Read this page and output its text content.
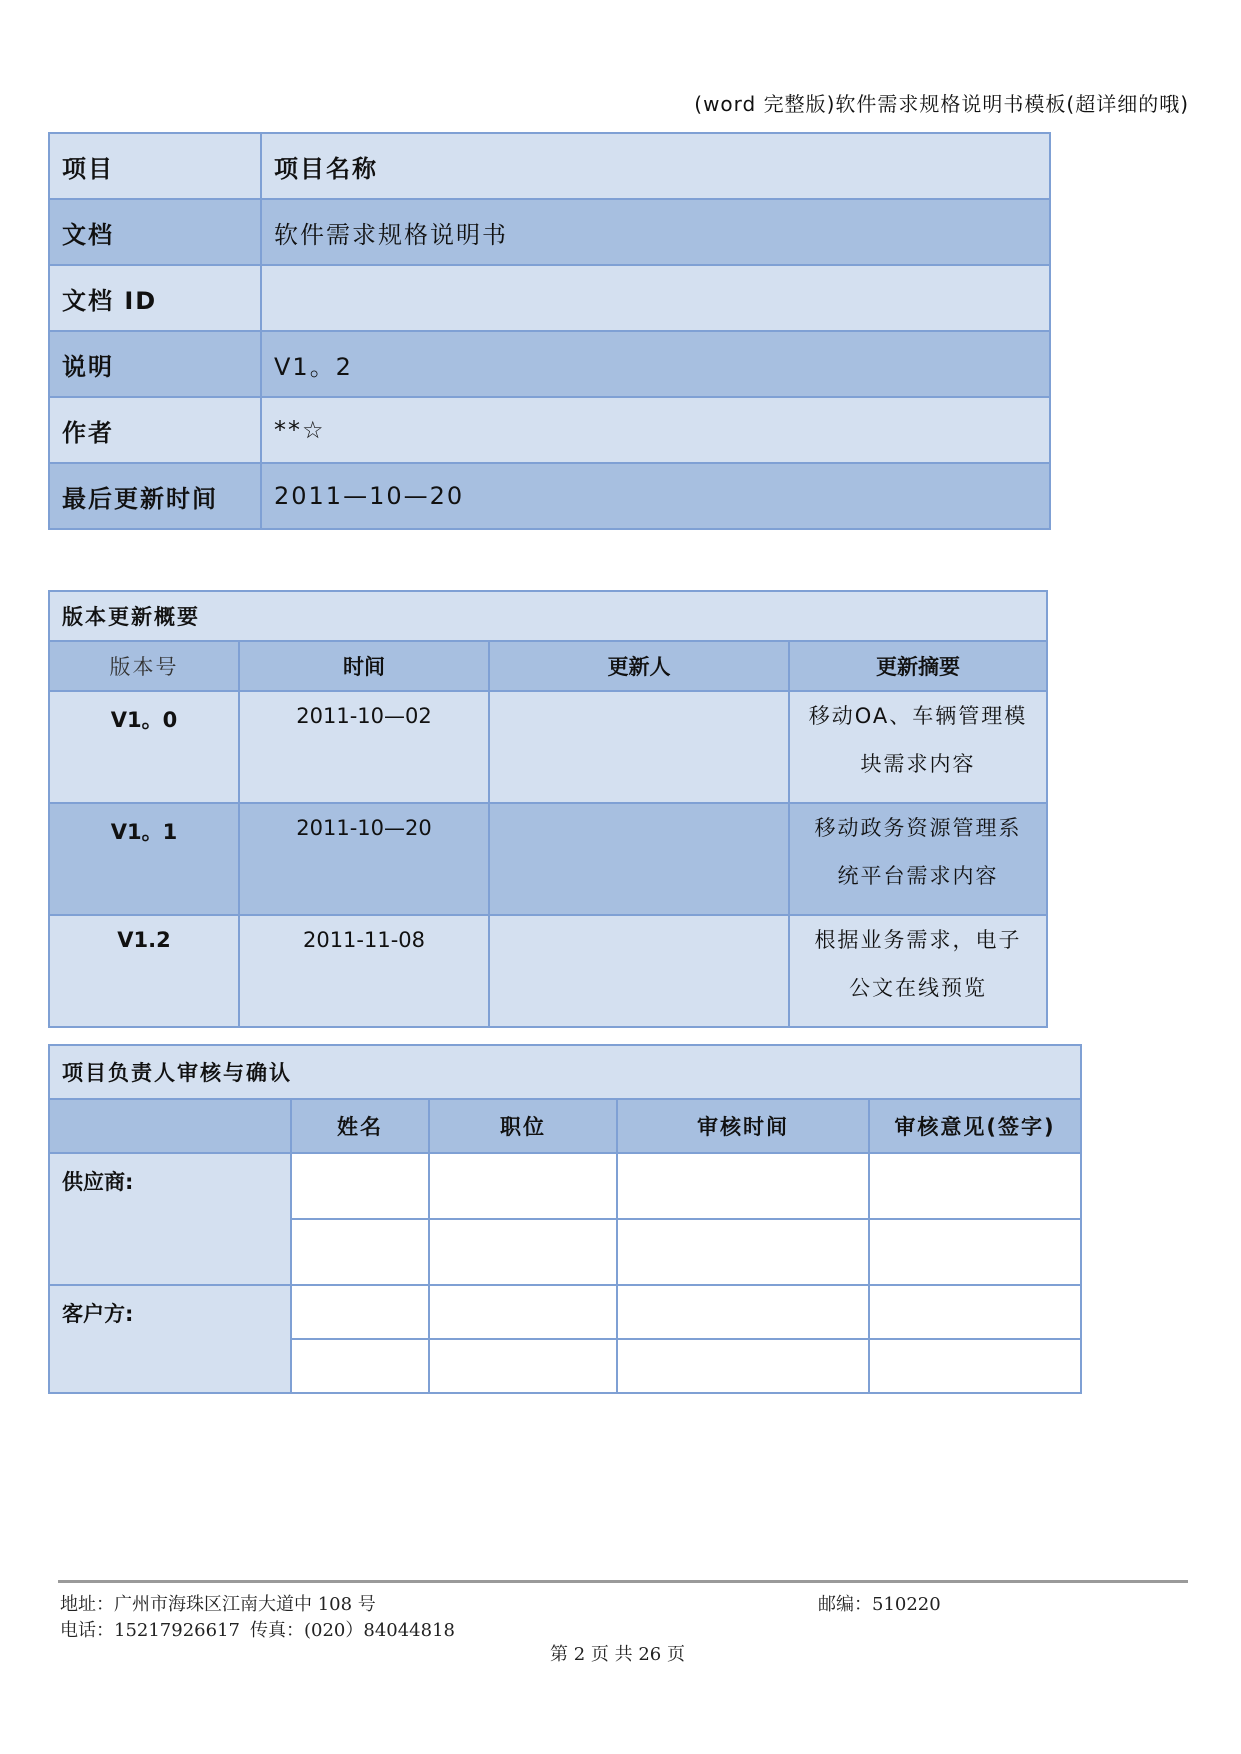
(word 完整版)软件需求规格说明书模板(超详细的哦)
项目	项目名称
文档	软件需求规格说明书
文档 ID	
说明	V1。2
作者	**☆
最后更新时间	2011—10—20
版本更新概要			
版本号	时间	更新人	更新摘要
V1。0	2011-10—02		移动OA、车辆管理模
块需求内容

V1。1	2011-10—20		移动政务资源管理系
统平台需求内容

V1.2	2011-11-08		根据业务需求，电子
公文在线预览
项目负责人审核与确认				
	姓名	职位	审核时间	审核意见(签字)
供应商:				

客户方:				

地址：广州市海珠区江南大道中 108 号	邮编：510220
电话：15217926617 传真：(020）84044818
第 2 页 共 26 页
